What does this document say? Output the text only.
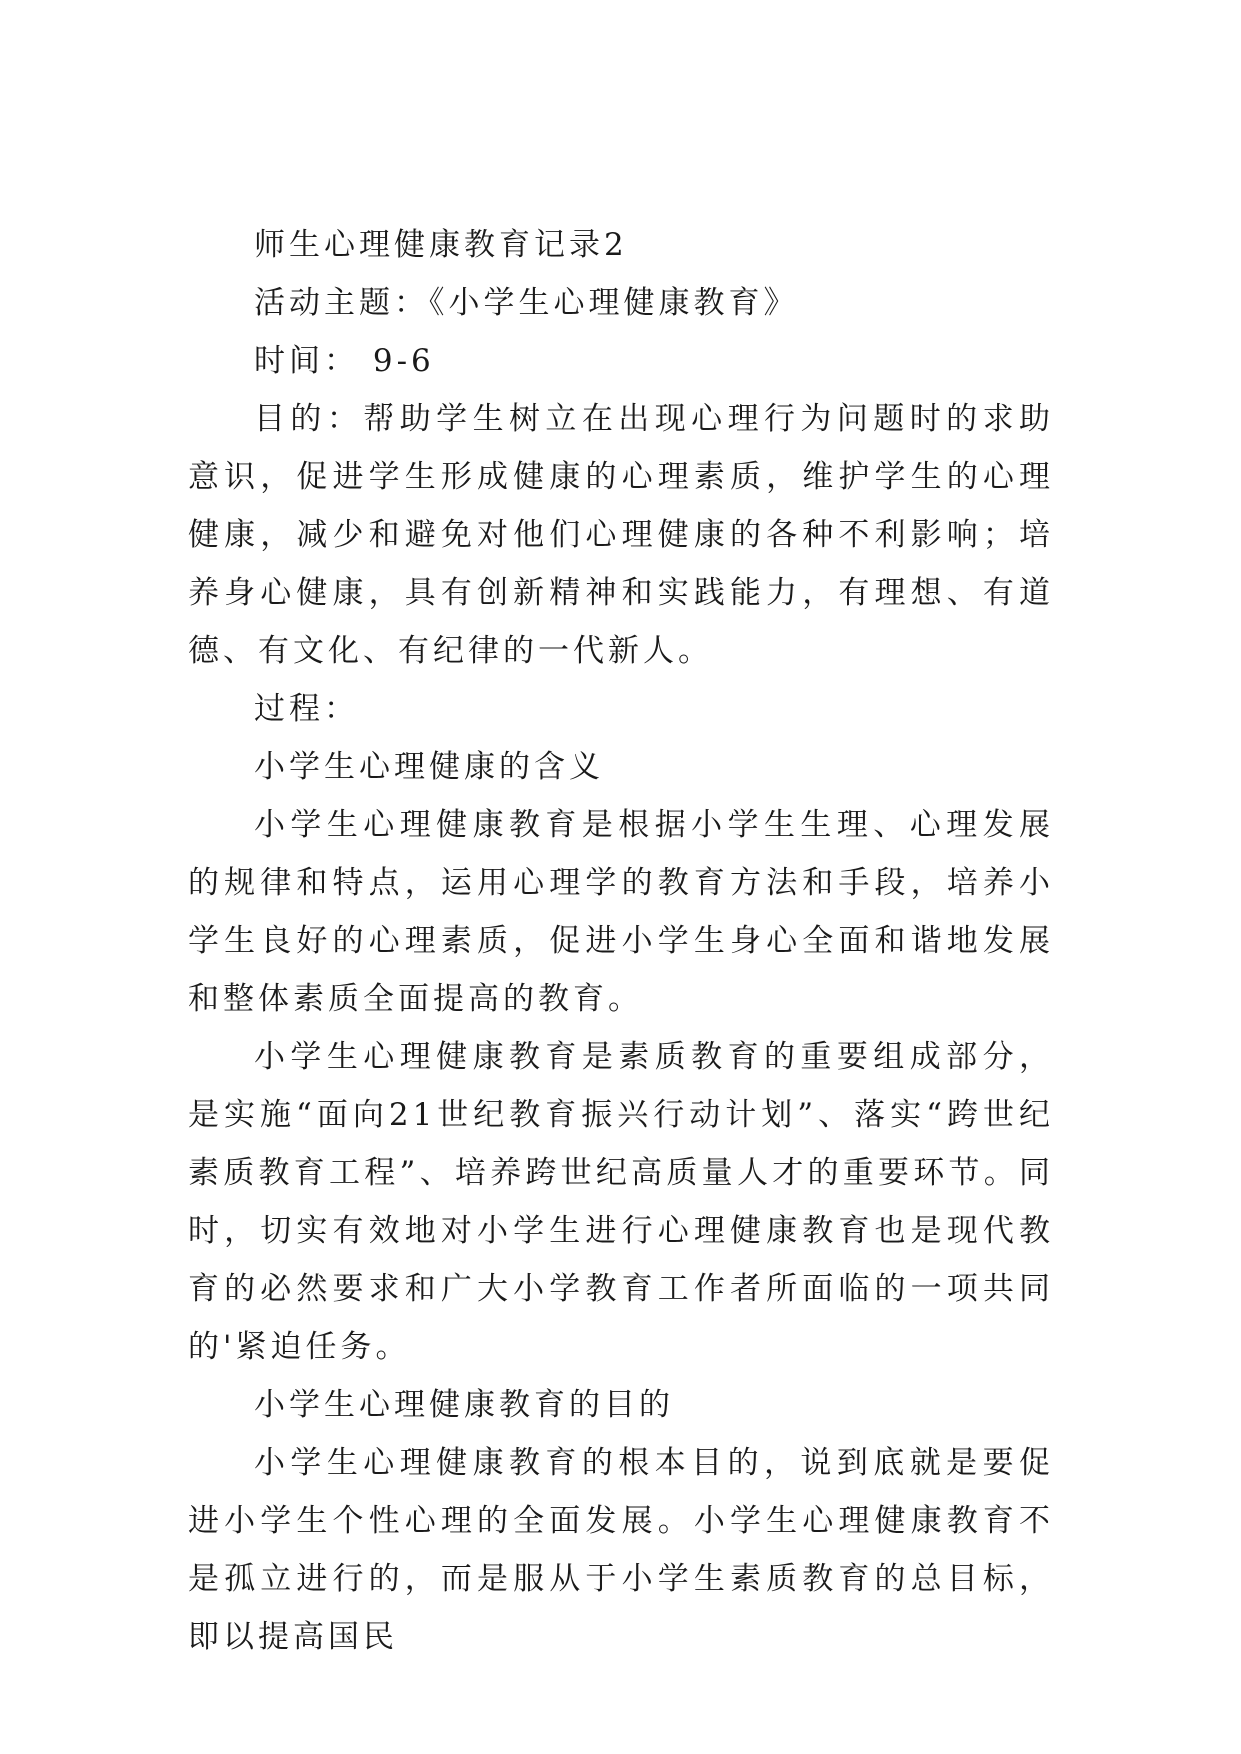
师生心理健康教育记录2

活动主题：《小学生心理健康教育》

时间： 9-6

目的：帮助学生树立在出现心理行为问题时的求助意识，促进学生形成健康的心理素质，维护学生的心理健康，减少和避免对他们心理健康的各种不利影响；培养身心健康，具有创新精神和实践能力，有理想、有道德、有文化、有纪律的一代新人。

过程：

小学生心理健康的含义

小学生心理健康教育是根据小学生生理、心理发展的规律和特点，运用心理学的教育方法和手段，培养小学生良好的心理素质，促进小学生身心全面和谐地发展和整体素质全面提高的教育。

小学生心理健康教育是素质教育的重要组成部分，是实施“面向21世纪教育振兴行动计划”、落实“跨世纪素质教育工程”、培养跨世纪高质量人才的重要环节。同时，切实有效地对小学生进行心理健康教育也是现代教育的必然要求和广大小学教育工作者所面临的一项共同的'紧迫任务。

小学生心理健康教育的目的

小学生心理健康教育的根本目的，说到底就是要促进小学生个性心理的全面发展。小学生心理健康教育不是孤立进行的，而是服从于小学生素质教育的总目标，即以提高国民
